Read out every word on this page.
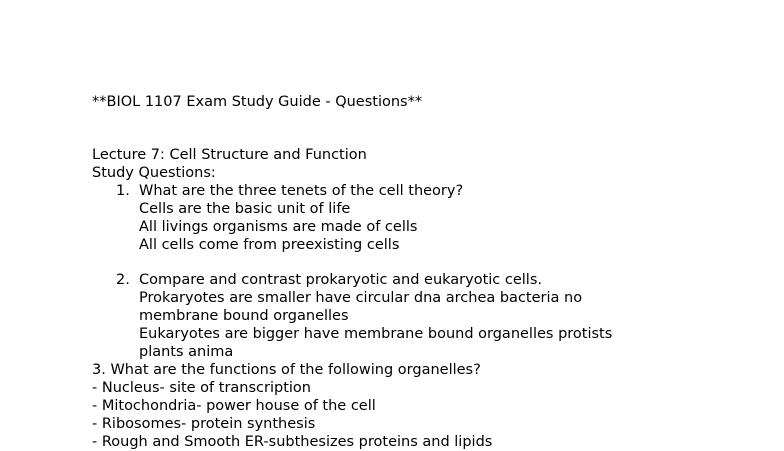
**BIOL 1107 Exam Study Guide - Questions**
Lecture 7: Cell Structure and Function
Study Questions:
1. What are the three tenets of the cell theory?
Cells are the basic unit of life
All livings organisms are made of cells
All cells come from preexisting cells
2. Compare and contrast prokaryotic and eukaryotic cells.
Prokaryotes are smaller have circular dna archea bacteria no
membrane bound organelles
Eukaryotes are bigger have membrane bound organelles protists
plants anima
3. What are the functions of the following organelles?
- Nucleus- site of transcription
- Mitochondria- power house of the cell
- Ribosomes- protein synthesis
- Rough and Smooth ER-subthesizes proteins and lipids
